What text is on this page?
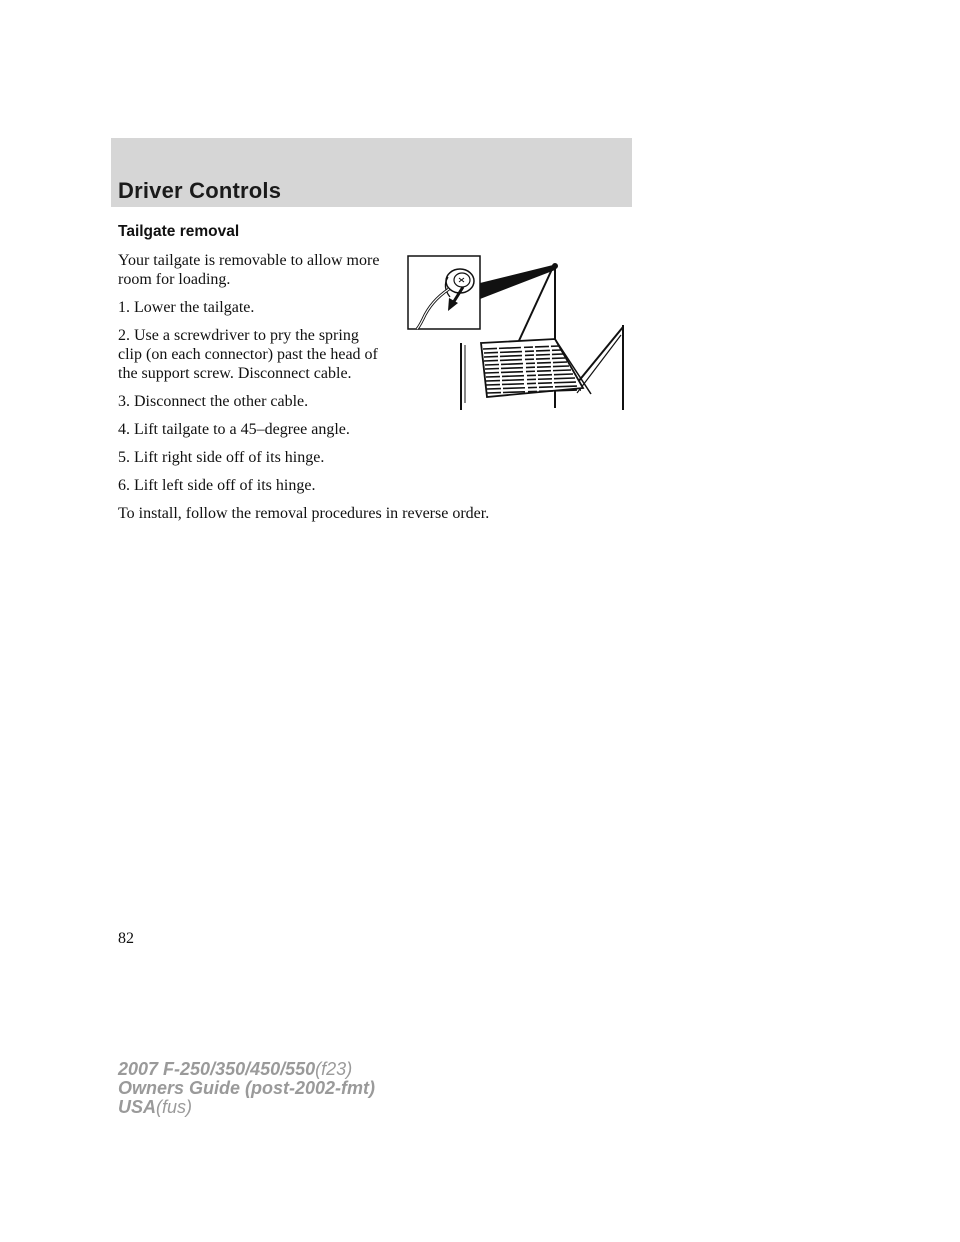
Driver Controls
Tailgate removal

Your tailgate is removable to allow more room for loading.

1. Lower the tailgate.

2. Use a screwdriver to pry the spring clip (on each connector) past the head of the support screw. Disconnect cable.

3. Disconnect the other cable.

4. Lift tailgate to a 45–degree angle.

5. Lift right side off of its hinge.

6. Lift left side off of its hinge.

To install, follow the removal procedures in reverse order.

82
2007 F-250/350/450/550(f23)
Owners Guide (post-2002-fmt)
USA(fus)
